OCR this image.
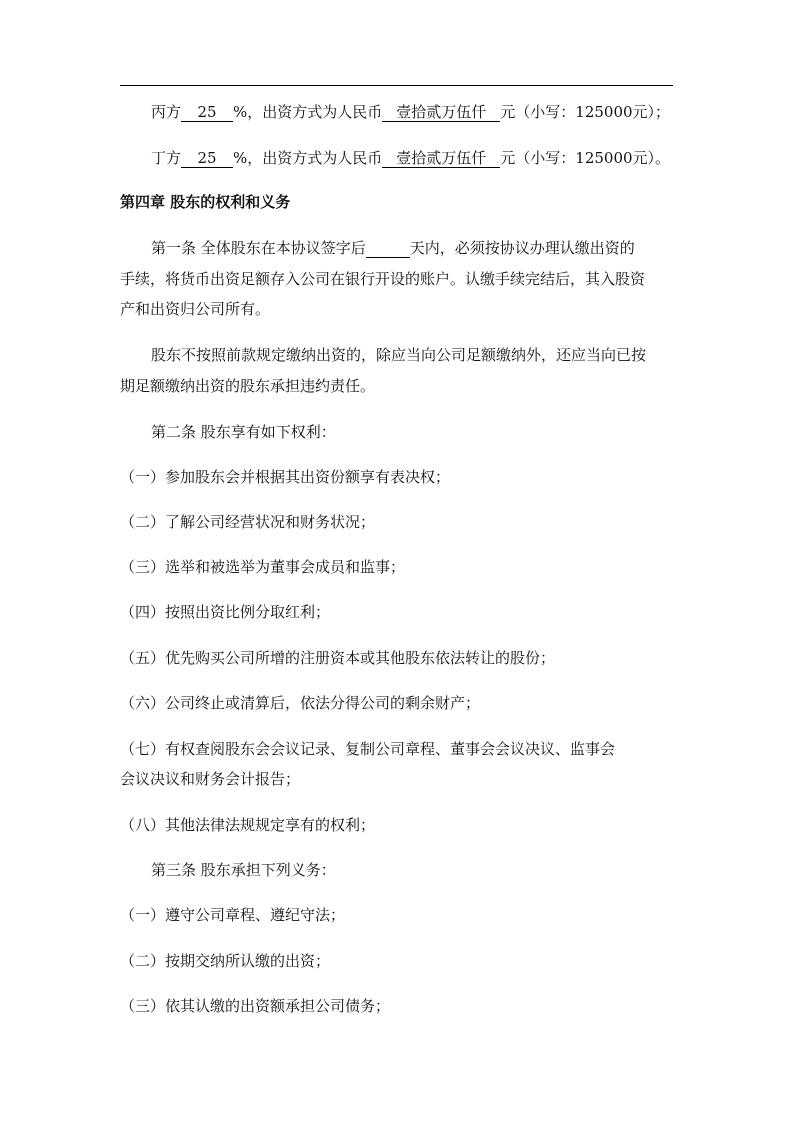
丙方 25 %，出资方式为人民币 壹拾贰万伍仟 元（小写：125000元）；
丁方 25 %，出资方式为人民币 壹拾贰万伍仟 元（小写：125000元）。
第四章 股东的权利和义务
第一条 全体股东在本协议签字后	天内，必须按协议办理认缴出资的
手续，将货币出资足额存入公司在银行开设的账户。认缴手续完结后，其入股资
产和出资归公司所有。
股东不按照前款规定缴纳出资的，除应当向公司足额缴纳外，还应当向已按
期足额缴纳出资的股东承担违约责任。
第二条 股东享有如下权利：
（一）参加股东会并根据其出资份额享有表决权；
（二）了解公司经营状况和财务状况；
（三）选举和被选举为董事会成员和监事；
（四）按照出资比例分取红利；
（五）优先购买公司所增的注册资本或其他股东依法转让的股份；
（六）公司终止或清算后，依法分得公司的剩余财产；
（七）有权查阅股东会会议记录、复制公司章程、董事会会议决议、监事会
会议决议和财务会计报告；
（八）其他法律法规规定享有的权利；
第三条 股东承担下列义务：
（一）遵守公司章程、遵纪守法；
（二）按期交纳所认缴的出资；
（三）依其认缴的出资额承担公司债务；
